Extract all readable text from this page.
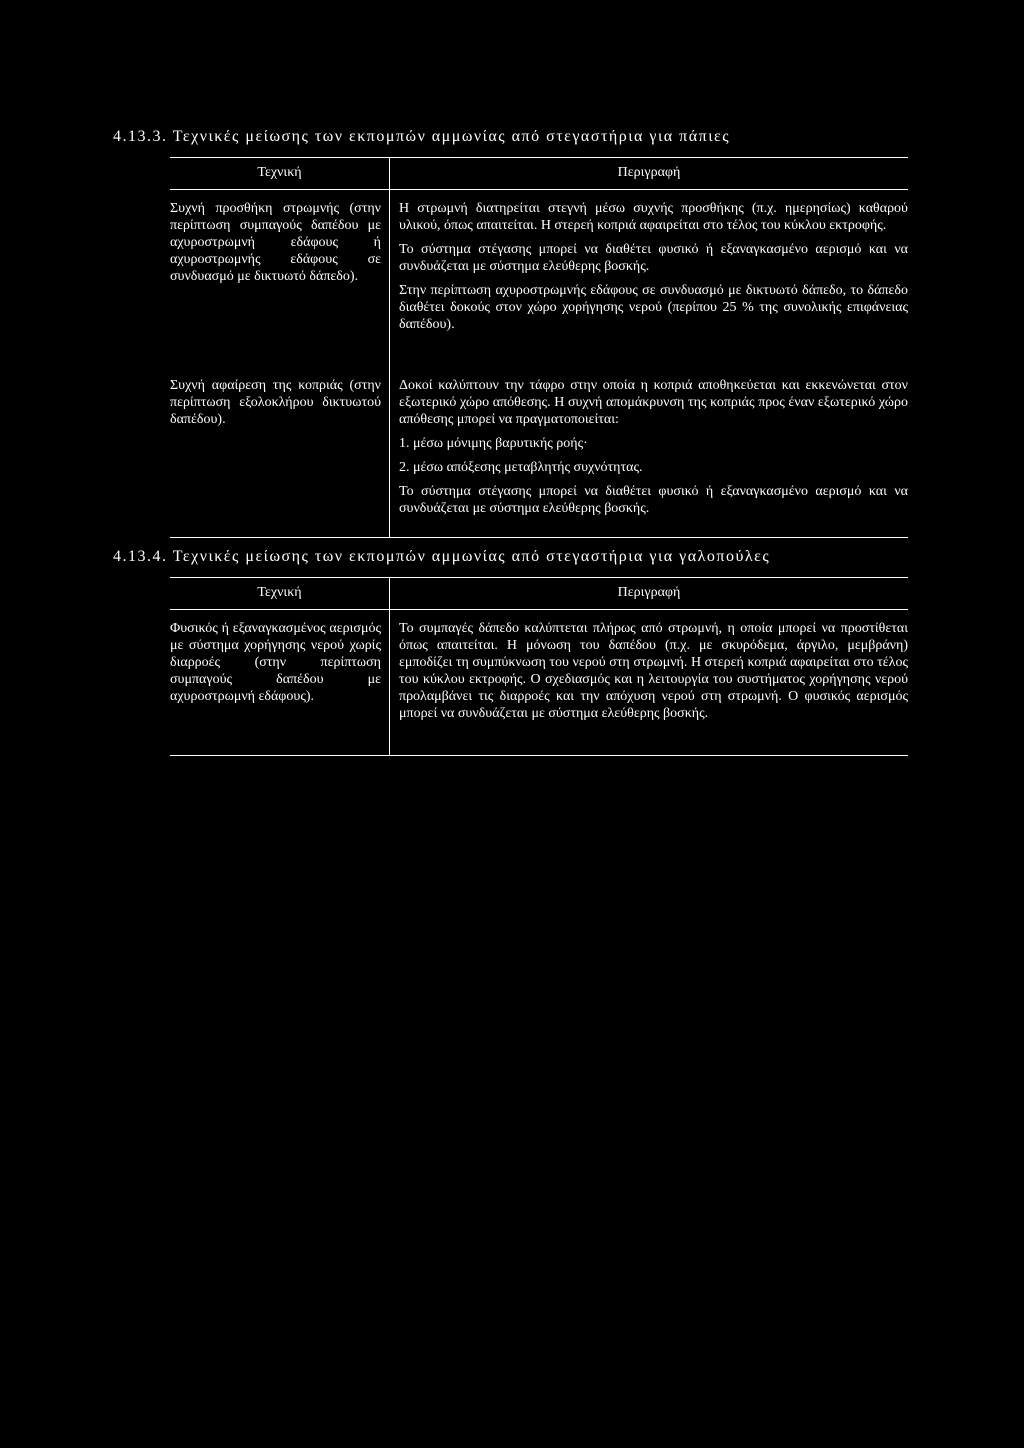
4.13.3. Τεχνικές μείωσης των εκπομπών αμμωνίας από στεγαστήρια για πάπιες
Τεχνική	Περιγραφή
Συχνή προσθήκη στρωμνής (στην περίπτωση συμπαγούς δαπέδου με αχυροστρωμνή εδάφους ή αχυροστρωμνής εδάφους σε συνδυασμό με δικτυωτό δάπεδο).

Η στρωμνή διατηρείται στεγνή μέσω συχνής προσθήκης (π.χ. ημερησίως) καθαρού υλικού, όπως απαιτείται. Η στερεή κοπριά αφαιρείται στο τέλος του κύκλου εκτροφής.

Το σύστημα στέγασης μπορεί να διαθέτει φυσικό ή εξαναγκασμένο αερισμό και να συνδυάζεται με σύστημα ελεύθερης βοσκής.

Στην περίπτωση αχυροστρωμνής εδάφους σε συνδυασμό με δικτυωτό δάπεδο, το δάπεδο διαθέτει δοκούς στον χώρο χορήγησης νερού (περίπου 25 % της συνολικής επιφάνειας δαπέδου).

Συχνή αφαίρεση της κοπριάς (στην περίπτωση εξολοκλήρου δικτυωτού δαπέδου).

Δοκοί καλύπτουν την τάφρο στην οποία η κοπριά αποθηκεύεται και εκκενώνεται στον εξωτερικό χώρο απόθεσης. Η συχνή απομάκρυνση της κοπριάς προς έναν εξωτερικό χώρο απόθεσης μπορεί να πραγματοποιείται:

1. μέσω μόνιμης βαρυτικής ροής·

2. μέσω απόξεσης μεταβλητής συχνότητας.

Το σύστημα στέγασης μπορεί να διαθέτει φυσικό ή εξαναγκασμένο αερισμό και να συνδυάζεται με σύστημα ελεύθερης βοσκής.

4.13.4. Τεχνικές μείωσης των εκπομπών αμμωνίας από στεγαστήρια για γαλοπούλες
Τεχνική	Περιγραφή
Φυσικός ή εξαναγκασμένος αερισμός με σύστημα χορήγησης νερού χωρίς διαρροές (στην περίπτωση συμπαγούς δαπέδου με αχυροστρωμνή εδάφους).

Το συμπαγές δάπεδο καλύπτεται πλήρως από στρωμνή, η οποία μπορεί να προστίθεται όπως απαιτείται. Η μόνωση του δαπέδου (π.χ. με σκυρόδεμα, άργιλο, μεμβράνη) εμποδίζει τη συμπύκνωση του νερού στη στρωμνή. Η στερεή κοπριά αφαιρείται στο τέλος του κύκλου εκτροφής. Ο σχεδιασμός και η λειτουργία του συστήματος χορήγησης νερού προλαμβάνει τις διαρροές και την απόχυση νερού στη στρωμνή. Ο φυσικός αερισμός μπορεί να συνδυάζεται με σύστημα ελεύθερης βοσκής.
